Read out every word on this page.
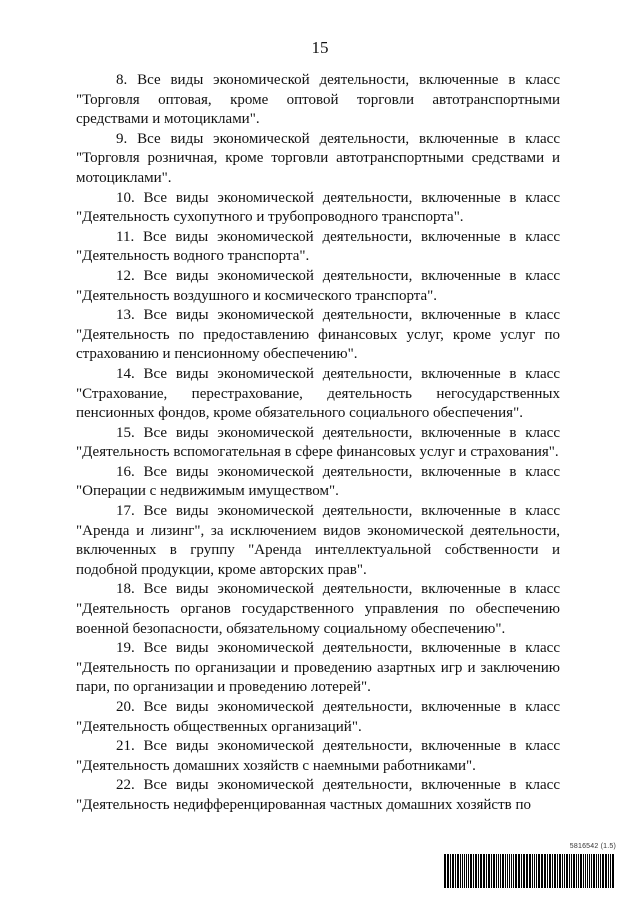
15

8. Все виды экономической деятельности, включенные в класс "Торговля оптовая, кроме оптовой торговли автотранспортными средствами и мотоциклами".

9. Все виды экономической деятельности, включенные в класс "Торговля розничная, кроме торговли автотранспортными средствами и мотоциклами".

10. Все виды экономической деятельности, включенные в класс "Деятельность сухопутного и трубопроводного транспорта".

11. Все виды экономической деятельности, включенные в класс "Деятельность водного транспорта".

12. Все виды экономической деятельности, включенные в класс "Деятельность воздушного и космического транспорта".

13. Все виды экономической деятельности, включенные в класс "Деятельность по предоставлению финансовых услуг, кроме услуг по страхованию и пенсионному обеспечению".

14. Все виды экономической деятельности, включенные в класс "Страхование, перестрахование, деятельность негосударственных пенсионных фондов, кроме обязательного социального обеспечения".

15. Все виды экономической деятельности, включенные в класс "Деятельность вспомогательная в сфере финансовых услуг и страхования".

16. Все виды экономической деятельности, включенные в класс "Операции с недвижимым имуществом".

17. Все виды экономической деятельности, включенные в класс "Аренда и лизинг", за исключением видов экономической деятельности, включенных в группу "Аренда интеллектуальной собственности и подобной продукции, кроме авторских прав".

18. Все виды экономической деятельности, включенные в класс "Деятельность органов государственного управления по обеспечению военной безопасности, обязательному социальному обеспечению".

19. Все виды экономической деятельности, включенные в класс "Деятельность по организации и проведению азартных игр и заключению пари, по организации и проведению лотерей".

20. Все виды экономической деятельности, включенные в класс "Деятельность общественных организаций".

21. Все виды экономической деятельности, включенные в класс "Деятельность домашних хозяйств с наемными работниками".

22. Все виды экономической деятельности, включенные в класс "Деятельность недифференцированная частных домашних хозяйств по

5816542 (1.5)
